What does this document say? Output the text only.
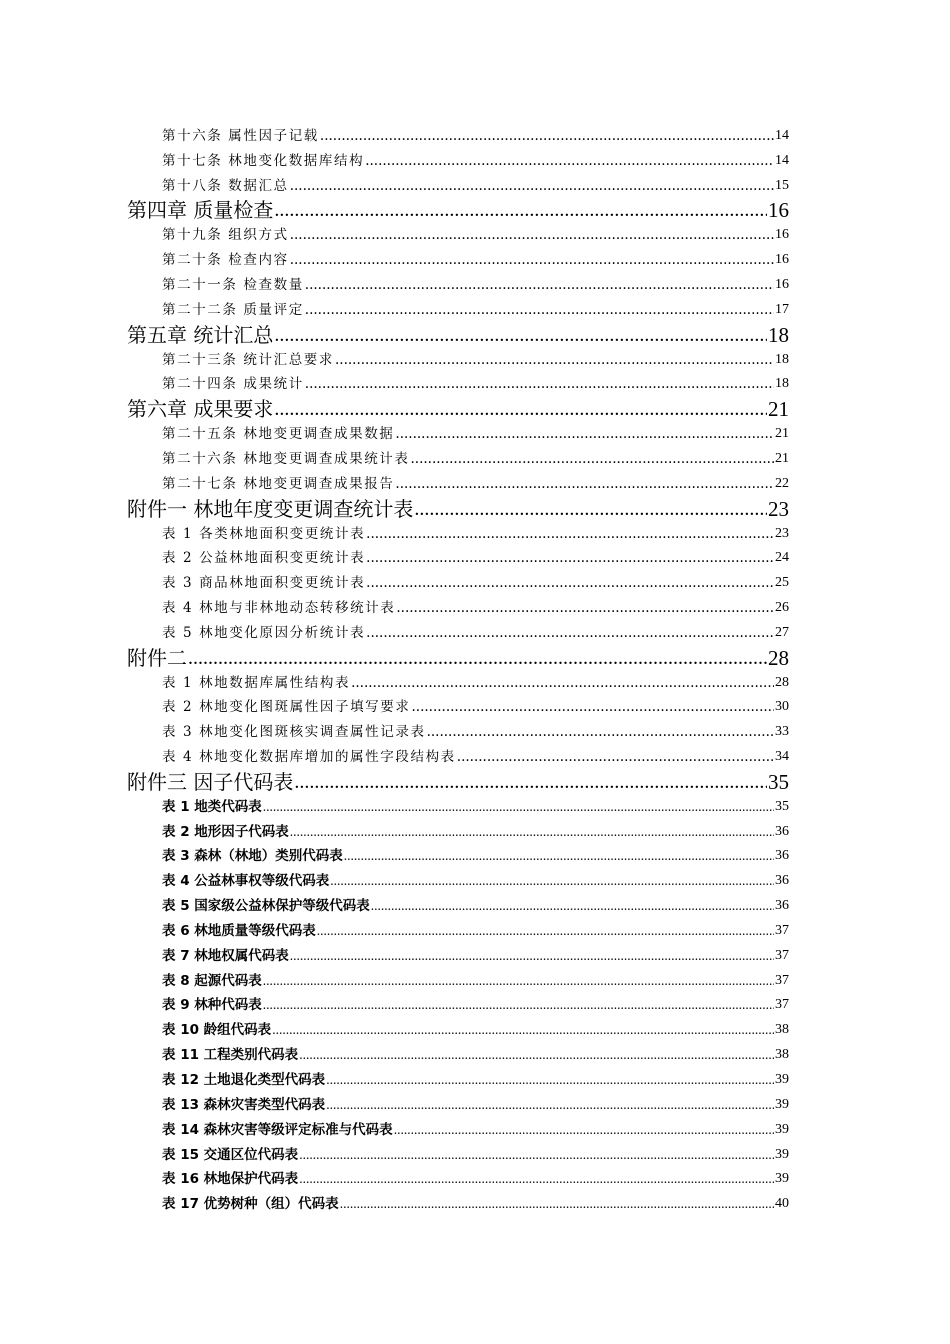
第十六条 属性因子记载 .....	14
第十七条 林地变化数据库结构 .....	14
第十八条 数据汇总 .....	15
第四章 质量检查 .....	16
第十九条 组织方式 .....	16
第二十条 检查内容 .....	16
第二十一条 检查数量 .....	16
第二十二条 质量评定 .....	17
第五章 统计汇总 .....	18
第二十三条 统计汇总要求 .....	18
第二十四条 成果统计 .....	18
第六章 成果要求 .....	21
第二十五条 林地变更调查成果数据 .....	21
第二十六条 林地变更调查成果统计表 .....	21
第二十七条 林地变更调查成果报告 .....	22
附件一 林地年度变更调查统计表 .....	23
表 1 各类林地面积变更统计表 .....	23
表 2 公益林地面积变更统计表 .....	24
表 3 商品林地面积变更统计表 .....	25
表 4 林地与非林地动态转移统计表 .....	26
表 5 林地变化原因分析统计表 .....	27
附件二 .....	28
表 1 林地数据库属性结构表 .....	28
表 2 林地变化图斑属性因子填写要求 .....	30
表 3 林地变化图斑核实调查属性记录表 .....	33
表 4 林地变化数据库增加的属性字段结构表 .....	34
附件三 因子代码表 .....	35
表 1 地类代码表 .....	35
表 2 地形因子代码表 .....	36
表 3 森林（林地）类别代码表 .....	36
表 4 公益林事权等级代码表 .....	36
表 5 国家级公益林保护等级代码表 .....	36
表 6 林地质量等级代码表 .....	37
表 7 林地权属代码表 .....	37
表 8 起源代码表 .....	37
表 9 林种代码表 .....	37
表 10 龄组代码表 .....	38
表 11 工程类别代码表 .....	38
表 12 土地退化类型代码表 .....	39
表 13 森林灾害类型代码表 .....	39
表 14 森林灾害等级评定标准与代码表 .....	39
表 15 交通区位代码表 .....	39
表 16 林地保护代码表 .....	39
表 17 优势树种（组）代码表 .....	40
